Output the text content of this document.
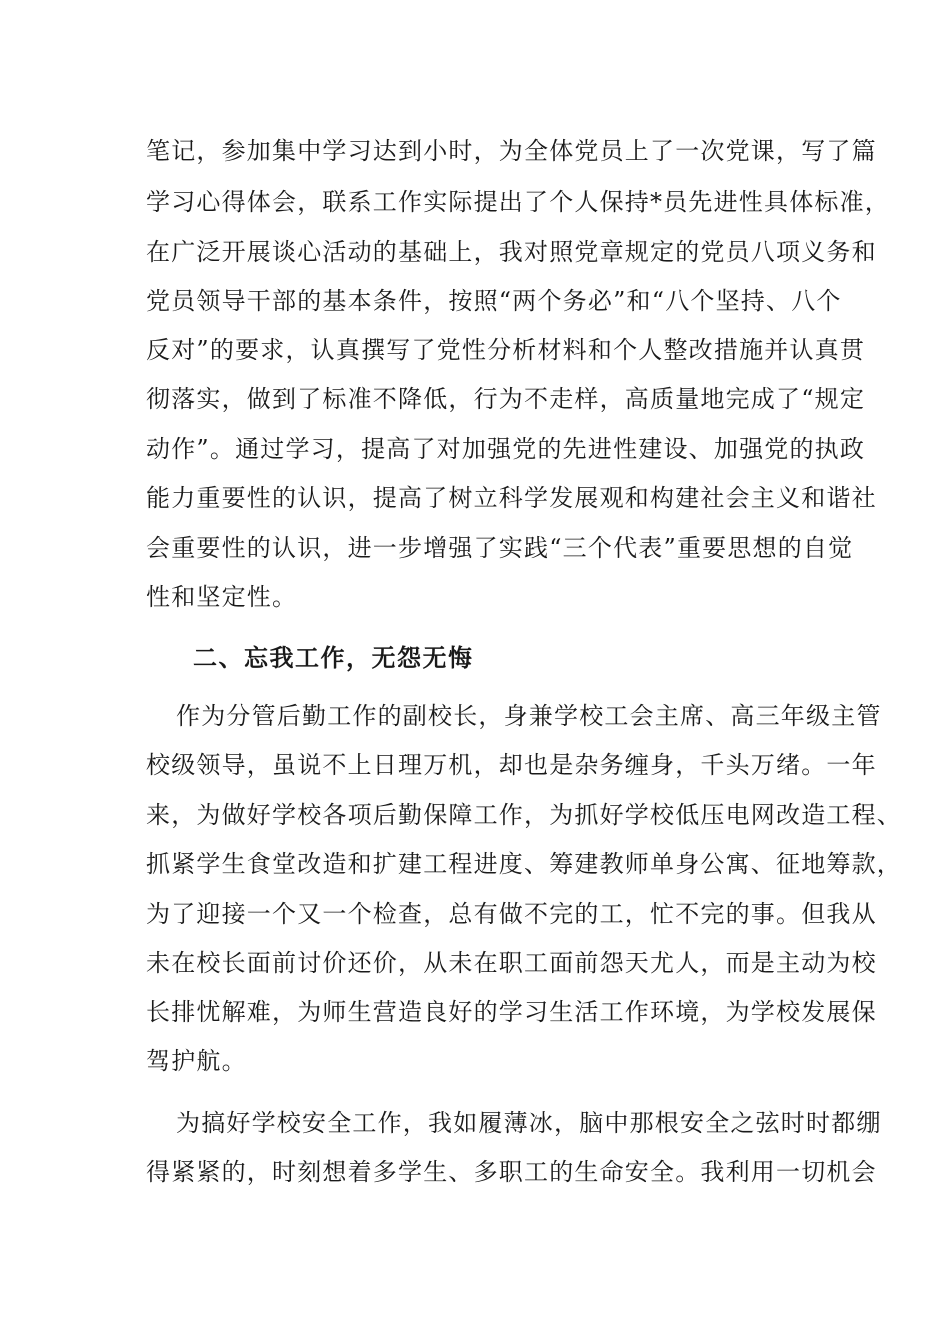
笔记，参加集中学习达到小时，为全体党员上了一次党课，写了篇
学习心得体会，联系工作实际提出了个人保持*员先进性具体标准，
在广泛开展谈心活动的基础上，我对照党章规定的党员八项义务和
党员领导干部的基本条件，按照“两个务必”和“八个坚持、八个
反对”的要求，认真撰写了党性分析材料和个人整改措施并认真贯
彻落实，做到了标准不降低，行为不走样，高质量地完成了“规定
动作”。通过学习，提高了对加强党的先进性建设、加强党的执政
能力重要性的认识，提高了树立科学发展观和构建社会主义和谐社
会重要性的认识，进一步增强了实践“三个代表”重要思想的自觉
性和坚定性。
二、忘我工作，无怨无悔
作为分管后勤工作的副校长，身兼学校工会主席、高三年级主管
校级领导，虽说不上日理万机，却也是杂务缠身，千头万绪。一年
来，为做好学校各项后勤保障工作，为抓好学校低压电网改造工程、
抓紧学生食堂改造和扩建工程进度、筹建教师单身公寓、征地筹款，
为了迎接一个又一个检查，总有做不完的工，忙不完的事。但我从
未在校长面前讨价还价，从未在职工面前怨天尤人，而是主动为校
长排忧解难，为师生营造良好的学习生活工作环境，为学校发展保
驾护航。
为搞好学校安全工作，我如履薄冰，脑中那根安全之弦时时都绷
得紧紧的，时刻想着多学生、多职工的生命安全。我利用一切机会
